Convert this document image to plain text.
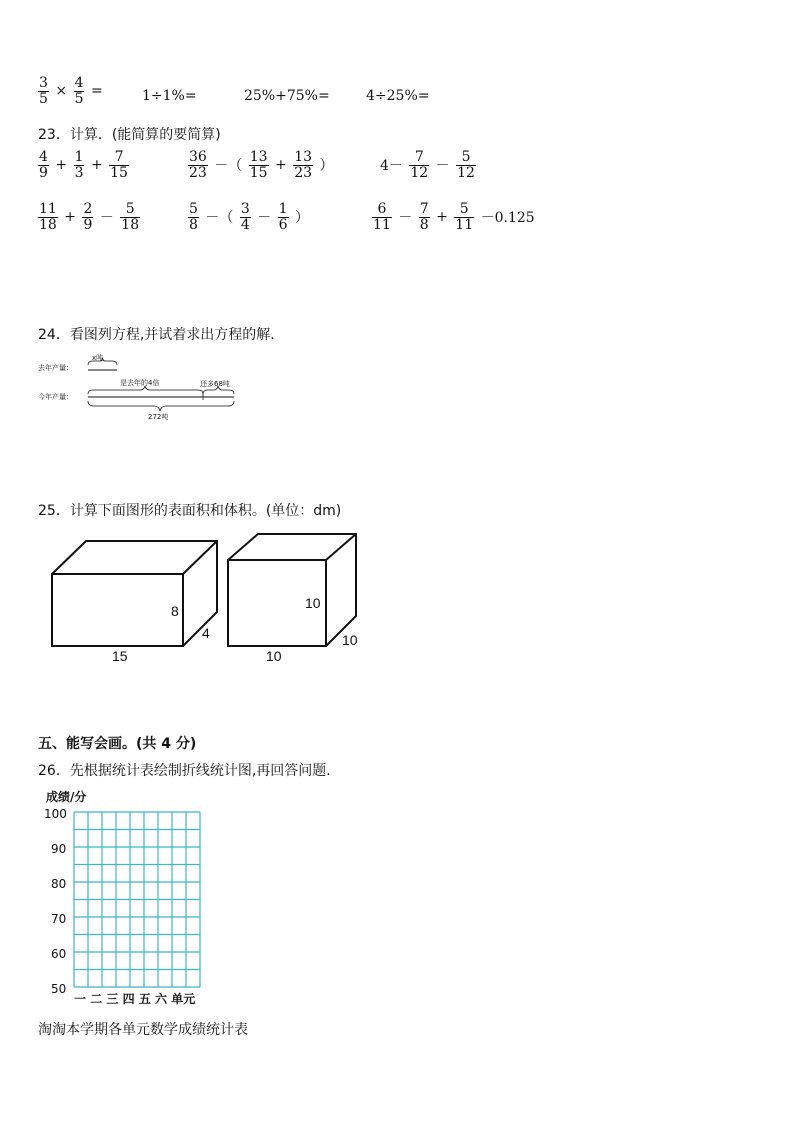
$\frac{3}{5} \times \frac{4}{5}$ =	1÷1%=	25%+75%=	4÷25%=
23．计算．(能简算的要简算)
$\frac{4}{9} + \frac{1}{3} + \frac{7}{15}$	$\frac{36}{23}$ －（ $\frac{13}{15} + \frac{13}{23}$ ）	$4- \frac{7}{12} - \frac{5}{12}$
$\frac{11}{18} + \frac{2}{9} - \frac{5}{18}$	$\frac{5}{8}$ －（ $\frac{3}{4} - \frac{1}{6}$ ）	$\frac{6}{11} - \frac{7}{8} + \frac{5}{11} -0.125$
24．看图列方程,并试着求出方程的解．
去年产量：
x吨
今年产量：
是去年的4倍	还多68吨
272吨
25．计算下面图形的表面积和体积。(单位：dm)
8
4
15
10
10
10
五、能写会画。(共 4 分)
26．先根据统计表绘制折线统计图,再回答问题．
成绩/分
100
90
80
70
60
50
一 二 三 四 五 六 单元
淘淘本学期各单元数学成绩统计表
